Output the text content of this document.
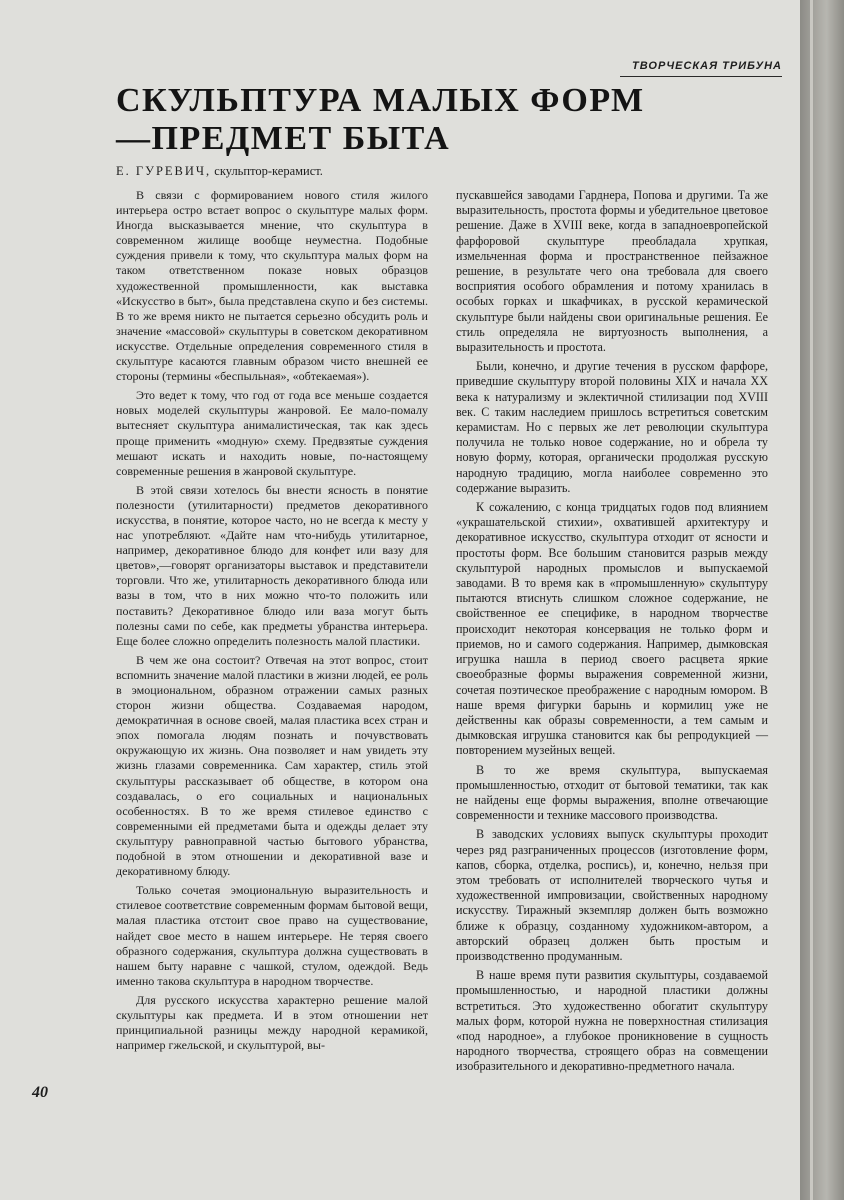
ТВОРЧЕСКАЯ ТРИБУНА
СКУЛЬПТУРА МАЛЫХ ФОРМ
—ПРЕДМЕТ БЫТА
Е. ГУРЕВИЧ, скульптор-керамист.

В связи с формированием нового стиля жилого интерьера остро встает вопрос о скульптуре малых форм. Иногда высказывается мнение, что скульптура в современном жилище вообще неуместна. Подобные суждения привели к тому, что скульптура малых форм на таком ответственном показе новых образцов художественной промышленности, как выставка «Искусство в быт», была представлена скупо и без системы. В то же время никто не пытается серьезно обсудить роль и значение «массовой» скульптуры в советском декоративном искусстве. Отдельные определения современного стиля в скульптуре касаются главным образом чисто внешней ее стороны (термины «беспыльная», «обтекаемая»).

Это ведет к тому, что год от года все меньше создается новых моделей скульптуры жанровой. Ее мало-помалу вытесняет скульптура анималистическая, так как здесь проще применить «модную» схему. Предвзятые суждения мешают искать и находить новые, по-настоящему современные решения в жанровой скульптуре.

В этой связи хотелось бы внести ясность в понятие полезности (утилитарности) предметов декоративного искусства, в понятие, которое часто, но не всегда к месту у нас употребляют. «Дайте нам что-нибудь утилитарное, например, декоративное блюдо для конфет или вазу для цветов»,—говорят организаторы выставок и представители торговли. Что же, утилитарность декоративного блюда или вазы в том, что в них можно что-то положить или поставить? Декоративное блюдо или ваза могут быть полезны сами по себе, как предметы убранства интерьера. Еще более сложно определить полезность малой пластики.

В чем же она состоит? Отвечая на этот вопрос, стоит вспомнить значение малой пластики в жизни людей, ее роль в эмоциональном, образном отражении самых разных сторон жизни общества. Создаваемая народом, демократичная в основе своей, малая пластика всех стран и эпох помогала людям познать и почувствовать окружающую их жизнь. Она позволяет и нам увидеть эту жизнь глазами современника. Сам характер, стиль этой скульптуры рассказывает об обществе, в котором она создавалась, о его социальных и национальных особенностях. В то же время стилевое единство с современными ей предметами быта и одежды делает эту скульптуру равноправной частью бытового убранства, подобной в этом отношении и декоративной вазе и декоративному блюду.

Только сочетая эмоциональную выразительность и стилевое соответствие современным формам бытовой вещи, малая пластика отстоит свое право на существование, найдет свое место в нашем интерьере. Не теряя своего образного содержания, скульптура должна существовать в нашем быту наравне с чашкой, стулом, одеждой. Ведь именно такова скульптура в народном творчестве.

Для русского искусства характерно решение малой скульптуры как предмета. И в этом отношении нет принципиальной разницы между народной керамикой, например гжельской, и скульптурой, вы-

пускавшейся заводами Гарднера, Попова и другими. Та же выразительность, простота формы и убедительное цветовое решение. Даже в XVIII веке, когда в западноевропейской фарфоровой скульптуре преобладала хрупкая, измельченная форма и пространственное пейзажное решение, в результате чего она требовала для своего восприятия особого обрамления и потому хранилась в особых горках и шкафчиках, в русской керамической скульптуре были найдены свои оригинальные решения. Ее стиль определяла не виртуозность выполнения, а выразительность и простота.

Были, конечно, и другие течения в русском фарфоре, приведшие скульптуру второй половины XIX и начала XX века к натурализму и эклектичной стилизации под XVIII век. С таким наследием пришлось встретиться советским керамистам. Но с первых же лет революции скульптура получила не только новое содержание, но и обрела ту новую форму, которая, органически продолжая русскую народную традицию, могла наиболее современно это содержание выразить.

К сожалению, с конца тридцатых годов под влиянием «украшательской стихии», охватившей архитектуру и декоративное искусство, скульптура отходит от ясности и простоты форм. Все большим становится разрыв между скульптурой народных промыслов и выпускаемой заводами. В то время как в «промышленную» скульптуру пытаются втиснуть слишком сложное содержание, не свойственное ее специфике, в народном творчестве происходит некоторая консервация не только форм и приемов, но и самого содержания. Например, дымковская игрушка нашла в период своего расцвета яркие своеобразные формы выражения современной жизни, сочетая поэтическое преображение с народным юмором. В наше время фигурки барынь и кормилиц уже не действенны как образы современности, а тем самым и дымковская игрушка становится как бы репродукцией — повторением музейных вещей.

В то же время скульптура, выпускаемая промышленностью, отходит от бытовой тематики, так как не найдены еще формы выражения, вполне отвечающие современности и технике массового производства.

В заводских условиях выпуск скульптуры проходит через ряд разграниченных процессов (изготовление форм, капов, сборка, отделка, роспись), и, конечно, нельзя при этом требовать от исполнителей творческого чутья и художественной импровизации, свойственных народному искусству. Тиражный экземпляр должен быть возможно ближе к образцу, созданному художником-автором, а авторский образец должен быть простым и производственно продуманным.

В наше время пути развития скульптуры, создаваемой промышленностью, и народной пластики должны встретиться. Это художественно обогатит скульптуру малых форм, которой нужна не поверхностная стилизация «под народное», а глубокое проникновение в сущность народного творчества, строящего образ на совмещении изобразительного и декоративно-предметного начала.

40
